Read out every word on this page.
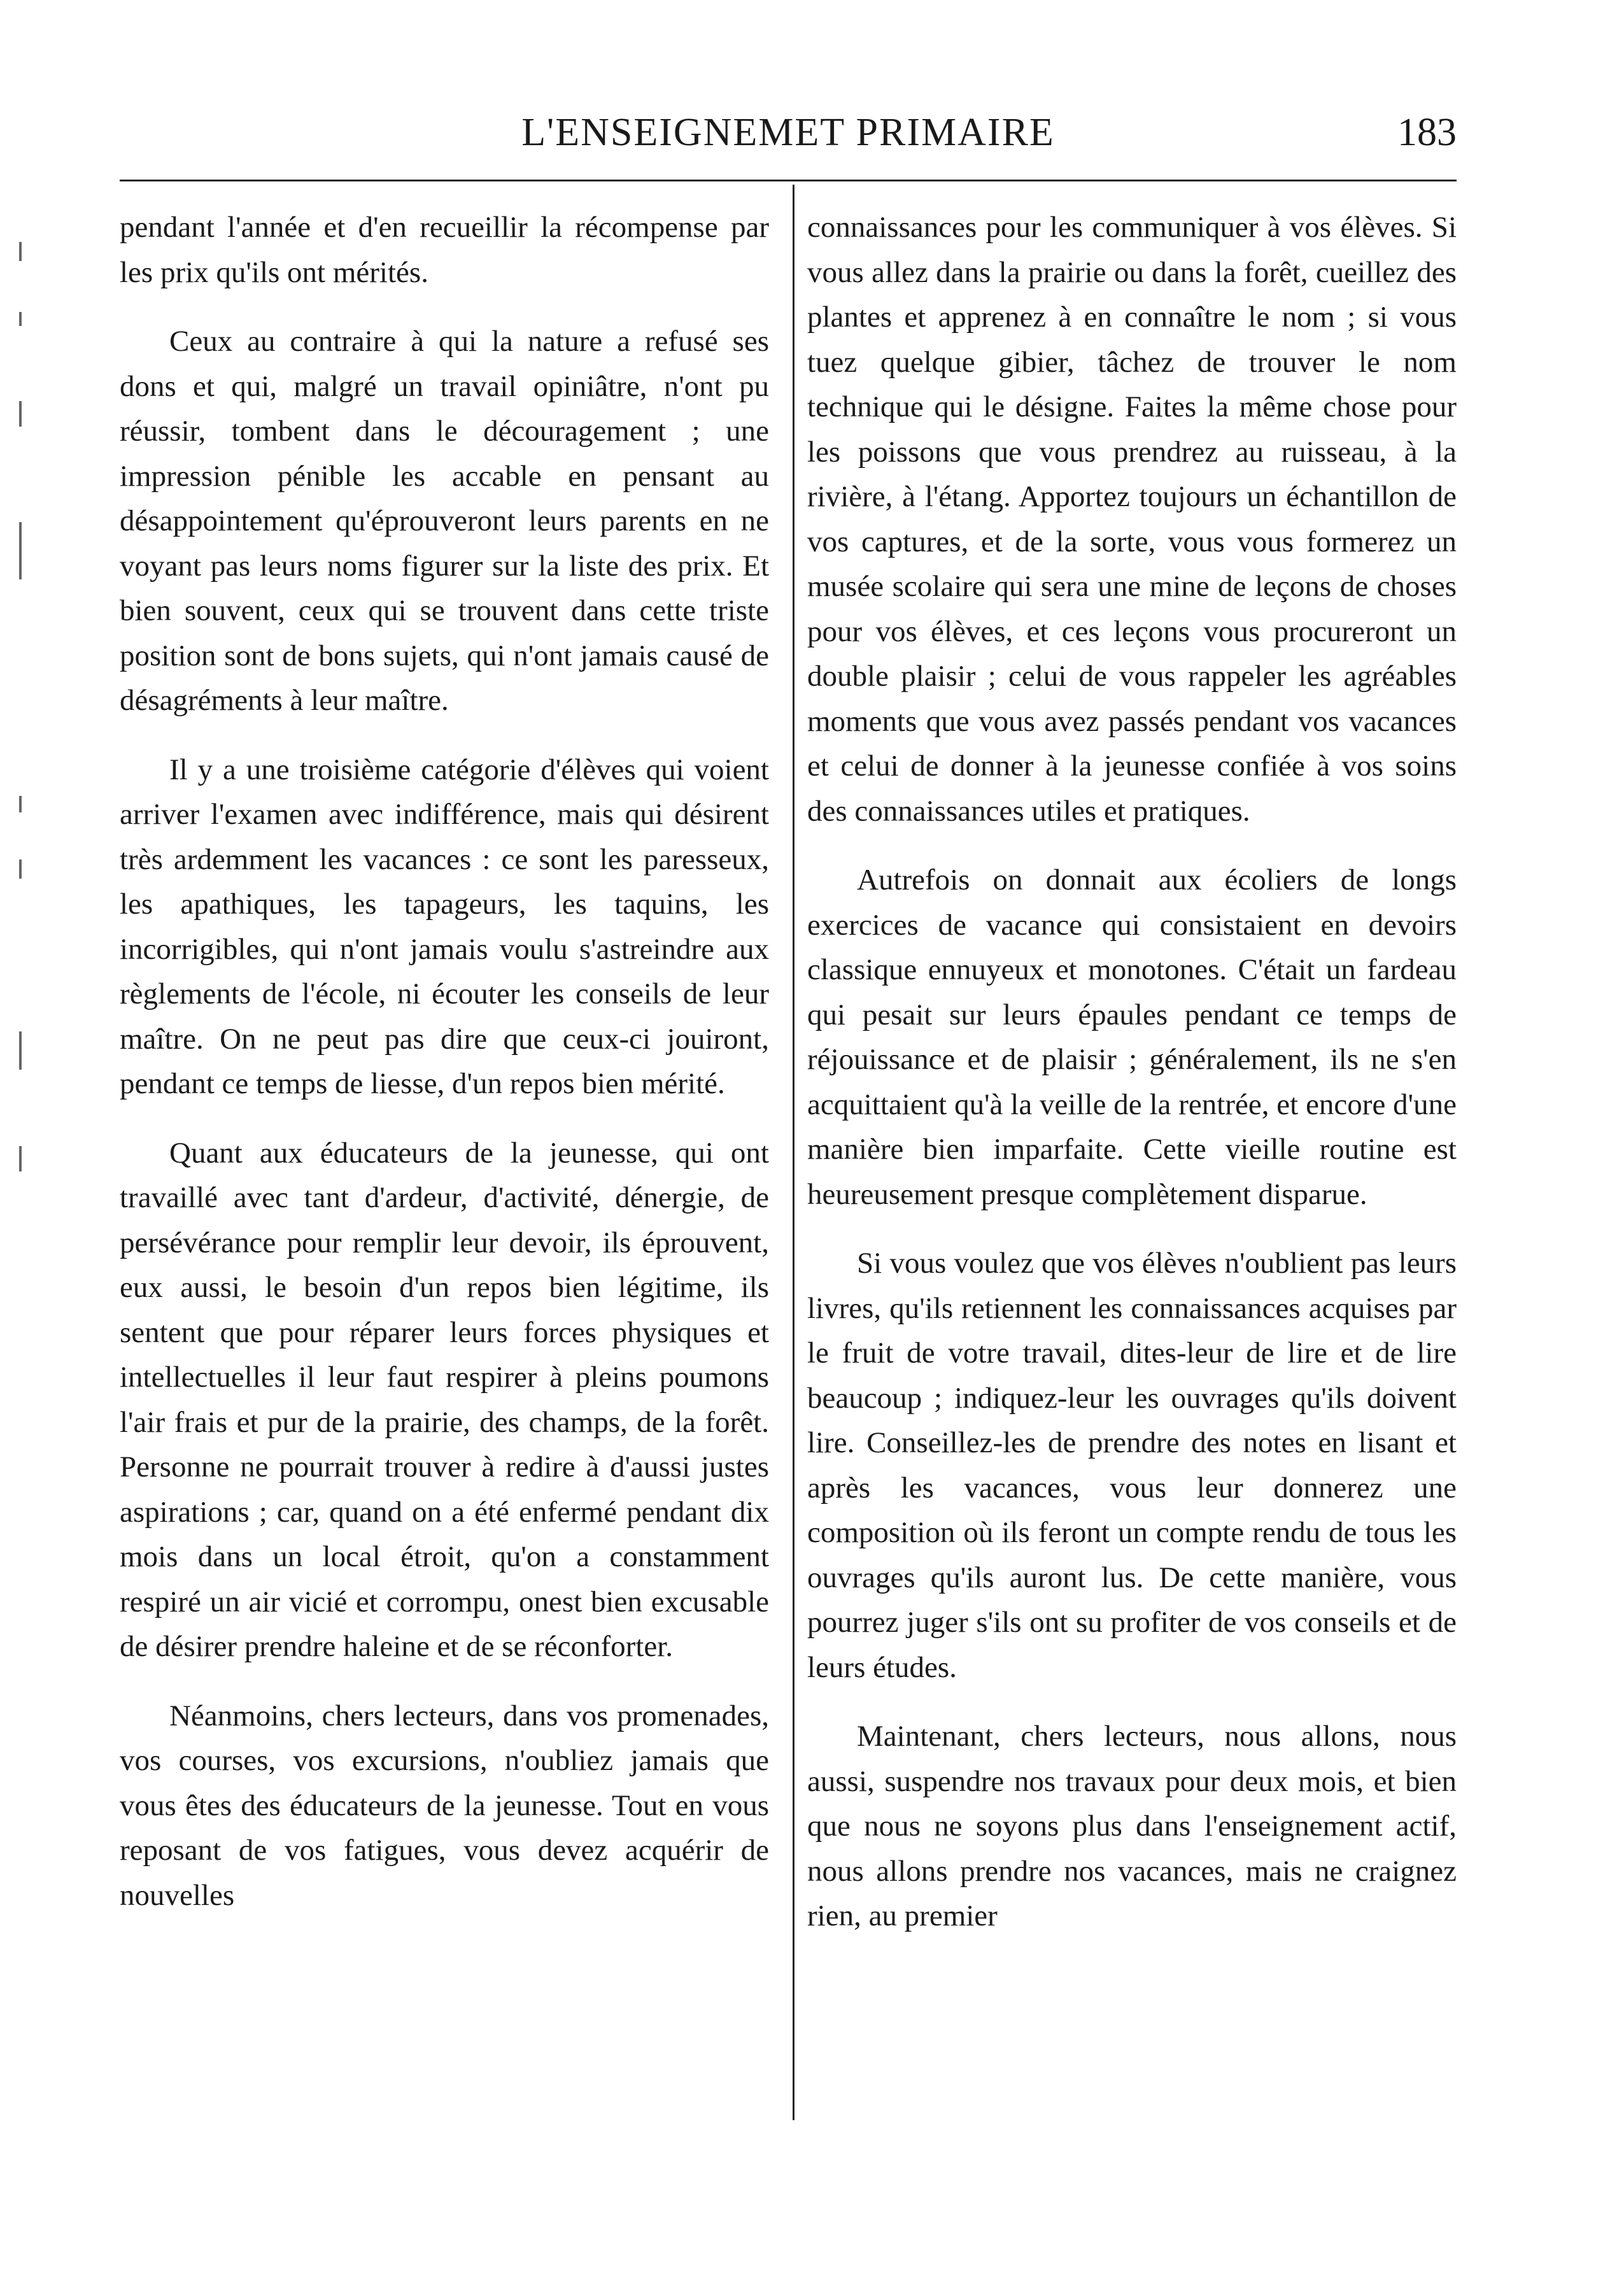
L'ENSEIGNEMET PRIMAIRE	183

pendant l'année et d'en recueillir la récompense par les prix qu'ils ont mérités.

Ceux au contraire à qui la nature a refusé ses dons et qui, malgré un travail opiniâtre, n'ont pu réussir, tombent dans le découragement ; une impression pénible les accable en pensant au désappointement qu'éprouveront leurs parents en ne voyant pas leurs noms figurer sur la liste des prix. Et bien souvent, ceux qui se trouvent dans cette triste position sont de bons sujets, qui n'ont jamais causé de désagréments à leur maître.

Il y a une troisième catégorie d'élèves qui voient arriver l'examen avec indifférence, mais qui désirent très ardemment les vacances : ce sont les paresseux, les apathiques, les tapageurs, les taquins, les incorrigibles, qui n'ont jamais voulu s'astreindre aux règlements de l'école, ni écouter les conseils de leur maître. On ne peut pas dire que ceux-ci jouiront, pendant ce temps de liesse, d'un repos bien mérité.

Quant aux éducateurs de la jeunesse, qui ont travaillé avec tant d'ardeur, d'activité, dénergie, de persévérance pour remplir leur devoir, ils éprouvent, eux aussi, le besoin d'un repos bien légitime, ils sentent que pour réparer leurs forces physiques et intellectuelles il leur faut respirer à pleins poumons l'air frais et pur de la prairie, des champs, de la forêt. Personne ne pourrait trouver à redire à d'aussi justes aspirations ; car, quand on a été enfermé pendant dix mois dans un local étroit, qu'on a constamment respiré un air vicié et corrompu, onest bien excusable de désirer prendre haleine et de se réconforter.

Néanmoins, chers lecteurs, dans vos promenades, vos courses, vos excursions, n'oubliez jamais que vous êtes des éducateurs de la jeunesse. Tout en vous reposant de vos fatigues, vous devez acquérir de nouvelles

connaissances pour les communiquer à vos élèves. Si vous allez dans la prairie ou dans la forêt, cueillez des plantes et apprenez à en connaître le nom ; si vous tuez quelque gibier, tâchez de trouver le nom technique qui le désigne. Faites la même chose pour les poissons que vous prendrez au ruisseau, à la rivière, à l'étang. Apportez toujours un échantillon de vos captures, et de la sorte, vous vous formerez un musée scolaire qui sera une mine de leçons de choses pour vos élèves, et ces leçons vous procureront un double plaisir ; celui de vous rappeler les agréables moments que vous avez passés pendant vos vacances et celui de donner à la jeunesse confiée à vos soins des connaissances utiles et pratiques.

Autrefois on donnait aux écoliers de longs exercices de vacance qui consistaient en devoirs classique ennuyeux et monotones. C'était un fardeau qui pesait sur leurs épaules pendant ce temps de réjouissance et de plaisir ; généralement, ils ne s'en acquittaient qu'à la veille de la rentrée, et encore d'une manière bien imparfaite. Cette vieille routine est heureusement presque complètement disparue.

Si vous voulez que vos élèves n'oublient pas leurs livres, qu'ils retiennent les connaissances acquises par le fruit de votre travail, dites-leur de lire et de lire beaucoup ; indiquez-leur les ouvrages qu'ils doivent lire. Conseillez-les de prendre des notes en lisant et après les vacances, vous leur donnerez une composition où ils feront un compte rendu de tous les ouvrages qu'ils auront lus. De cette manière, vous pourrez juger s'ils ont su profiter de vos conseils et de leurs études.

Maintenant, chers lecteurs, nous allons, nous aussi, suspendre nos travaux pour deux mois, et bien que nous ne soyons plus dans l'enseignement actif, nous allons prendre nos vacances, mais ne craignez rien, au premier
